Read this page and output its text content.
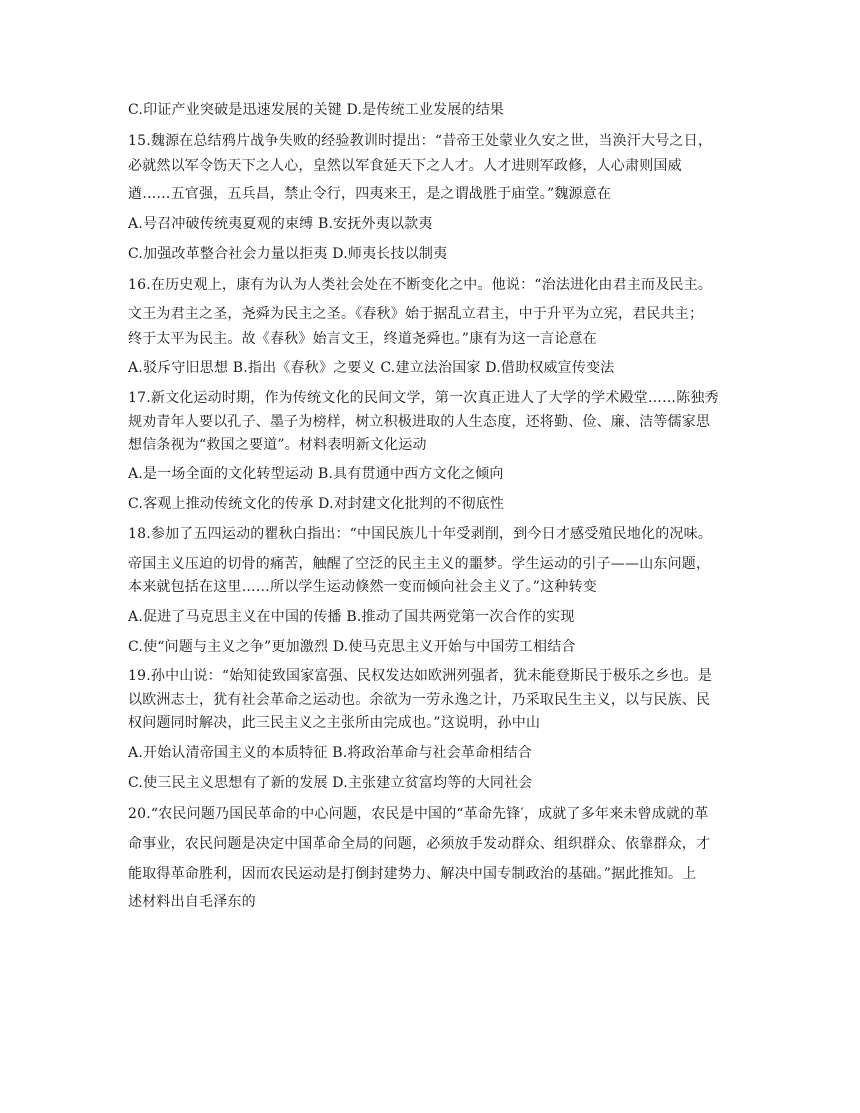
C.印证产业突破是迅速发展的关键 D.是传统工业发展的结果
15.魏源在总结鸦片战争失败的经验教训时提出：“昔帝王处蒙业久安之世，当涣汗大号之日，
必就然以军令饬天下之人心，皇然以军食延天下之人才。人才进则军政修，人心肃则国威
遒……五官强，五兵昌，禁止令行，四夷来王，是之谓战胜于庙堂。”魏源意在
A.号召冲破传统夷夏观的束缚 B.安抚外夷以款夷
C.加强改革整合社会力量以拒夷 D.师夷长技以制夷
16.在历史观上，康有为认为人类社会处在不断变化之中。他说：“治法进化由君主而及民主。
文王为君主之圣，尧舜为民主之圣。《春秋》始于据乱立君主，中于升平为立宪，君民共主；
终于太平为民主。故《春秋》始言文王，终道尧舜也。”康有为这一言论意在
A.驳斥守旧思想 B.指出《春秋》之要义 C.建立法治国家 D.借助权威宣传变法
17.新文化运动时期，作为传统文化的民间文学，第一次真正进人了大学的学术殿堂……陈独秀
规劝青年人要以孔子、墨子为榜样，树立积极进取的人生态度，还将勤、俭、廉、洁等儒家思
想信条视为“救国之要道”。材料表明新文化运动
A.是一场全面的文化转型运动 B.具有贯通中西方文化之倾向
C.客观上推动传统文化的传承 D.对封建文化批判的不彻底性
18.参加了五四运动的瞿秋白指出：“中国民族儿十年受剥削，到今日才感受殖民地化的况味。
帝国主义压迫的切骨的痛苦，触醒了空泛的民主主义的噩梦。学生运动的引子——山东问题，
本来就包括在这里……所以学生运动倏然一变而倾向社会主义了。”这种转变
A.促进了马克思主义在中国的传播 B.推动了国共两党第一次合作的实现
C.使“问题与主义之争”更加激烈 D.使马克思主义开始与中国劳工相结合
19.孙中山说：“始知徒致国家富强、民权发达如欧洲列强者，犹未能登斯民于极乐之乡也。是
以欧洲志士，犹有社会革命之运动也。余欲为一劳永逸之计，乃采取民生主义，以与民族、民
权问题同时解决，此三民主义之主张所由完成也。”这说明，孙中山
A.开始认清帝国主义的本质特征 B.将政治革命与社会革命相结合
C.使三民主义思想有了新的发展 D.主张建立贫富均等的大同社会
20.“农民问题乃国民革命的中心问题，农民是中国的“革命先锋′，成就了多年来未曾成就的革
命事业，农民问题是决定中国革命全局的问题，必须放手发动群众、组织群众、依靠群众，才
能取得革命胜利，因而农民运动是打倒封建势力、解决中国专制政治的基础。”据此推知。上
述材料出自毛泽东的
